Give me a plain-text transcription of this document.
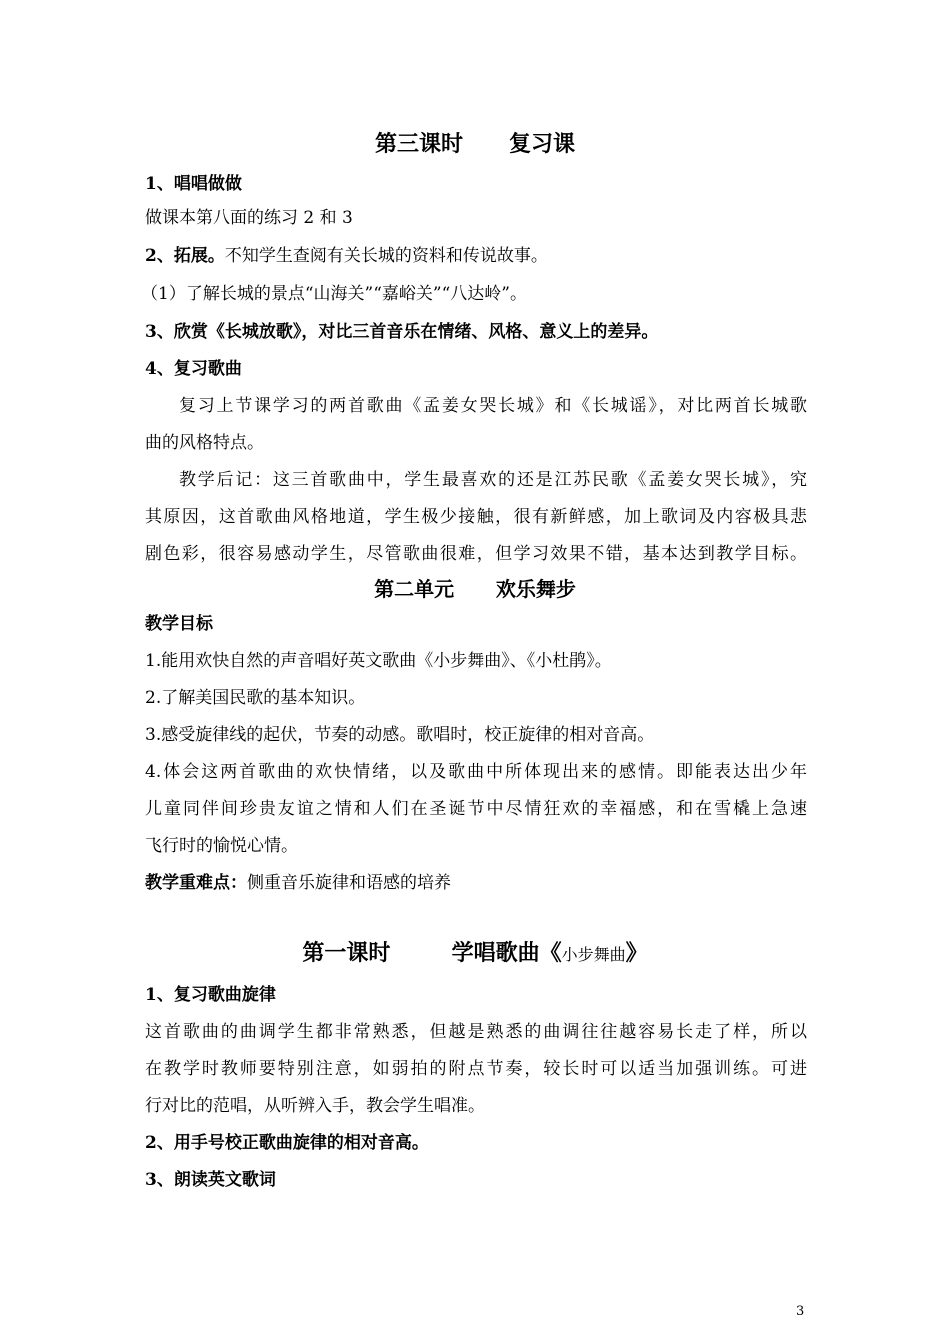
第三课时      复习课
1、唱唱做做
做课本第八面的练习 2 和 3
2、拓展。不知学生查阅有关长城的资料和传说故事。
（1）了解长城的景点“山海关”“嘉峪关”“八达岭”。
3、欣赏《长城放歌》，对比三首音乐在情绪、风格、意义上的差异。
4、复习歌曲
复习上节课学习的两首歌曲《孟姜女哭长城》和《长城谣》，对比两首长城歌
曲的风格特点。
教学后记：这三首歌曲中，学生最喜欢的还是江苏民歌《孟姜女哭长城》，究
其原因，这首歌曲风格地道，学生极少接触，很有新鲜感，加上歌词及内容极具悲
剧色彩，很容易感动学生，尽管歌曲很难，但学习效果不错，基本达到教学目标。
第二单元      欢乐舞步
教学目标
1.能用欢快自然的声音唱好英文歌曲《小步舞曲》、《小杜鹃》。
2.了解美国民歌的基本知识。
3.感受旋律线的起伏，节奏的动感。歌唱时，校正旋律的相对音高。
4.体会这两首歌曲的欢快情绪，以及歌曲中所体现出来的感情。即能表达出少年
儿童同伴间珍贵友谊之情和人们在圣诞节中尽情狂欢的幸福感，和在雪橇上急速
飞行时的愉悦心情。
教学重难点：侧重音乐旋律和语感的培养
第一课时        学唱歌曲《小步舞曲》
1、复习歌曲旋律
这首歌曲的曲调学生都非常熟悉，但越是熟悉的曲调往往越容易长走了样，所以
在教学时教师要特别注意，如弱拍的附点节奏，较长时可以适当加强训练。可进
行对比的范唱，从听辨入手，教会学生唱准。
2、用手号校正歌曲旋律的相对音高。
3、朗读英文歌词
3
